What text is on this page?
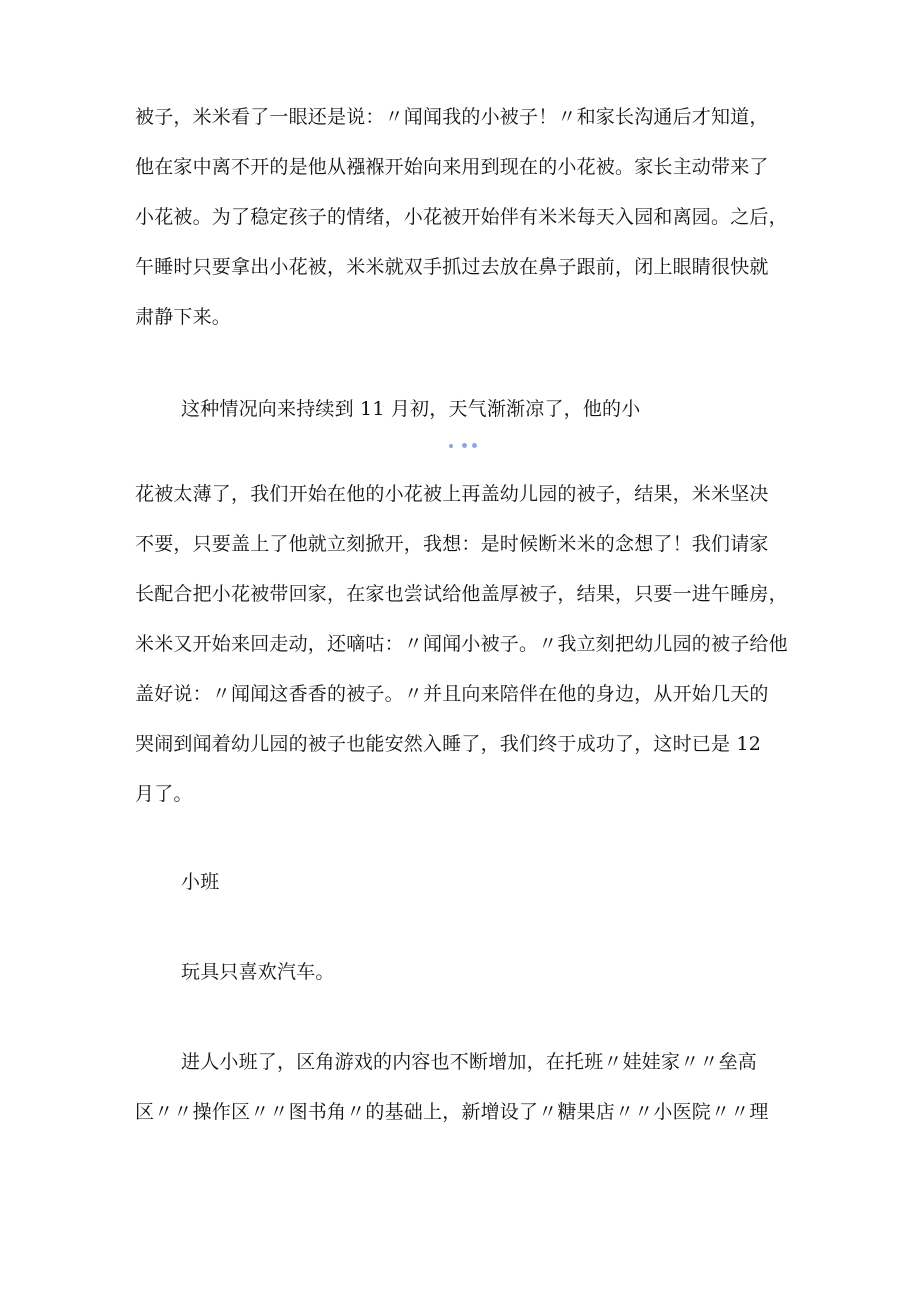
被子，米米看了一眼还是说：〃闻闻我的小被子！〃和家长沟通后才知道，
他在家中离不开的是他从襁褓开始向来用到现在的小花被。家长主动带来了
小花被。为了稳定孩子的情绪，小花被开始伴有米米每天入园和离园。之后，
午睡时只要拿出小花被，米米就双手抓过去放在鼻子跟前，闭上眼睛很快就
肃静下来。
这种情况向来持续到 11 月初，天气渐渐凉了，他的小
花被太薄了，我们开始在他的小花被上再盖幼儿园的被子，结果，米米坚决
不要，只要盖上了他就立刻掀开，我想：是时候断米米的念想了！我们请家
长配合把小花被带回家，在家也尝试给他盖厚被子，结果，只要一进午睡房，
米米又开始来回走动，还嘀咕：〃闻闻小被子。〃我立刻把幼儿园的被子给他
盖好说：〃闻闻这香香的被子。〃并且向来陪伴在他的身边，从开始几天的
哭闹到闻着幼儿园的被子也能安然入睡了，我们终于成功了，这时已是 12
月了。
小班
玩具只喜欢汽车。
进人小班了，区角游戏的内容也不断增加，在托班〃娃娃家〃〃垒高
区〃〃操作区〃〃图书角〃的基础上，新增设了〃糖果店〃〃小医院〃〃理
